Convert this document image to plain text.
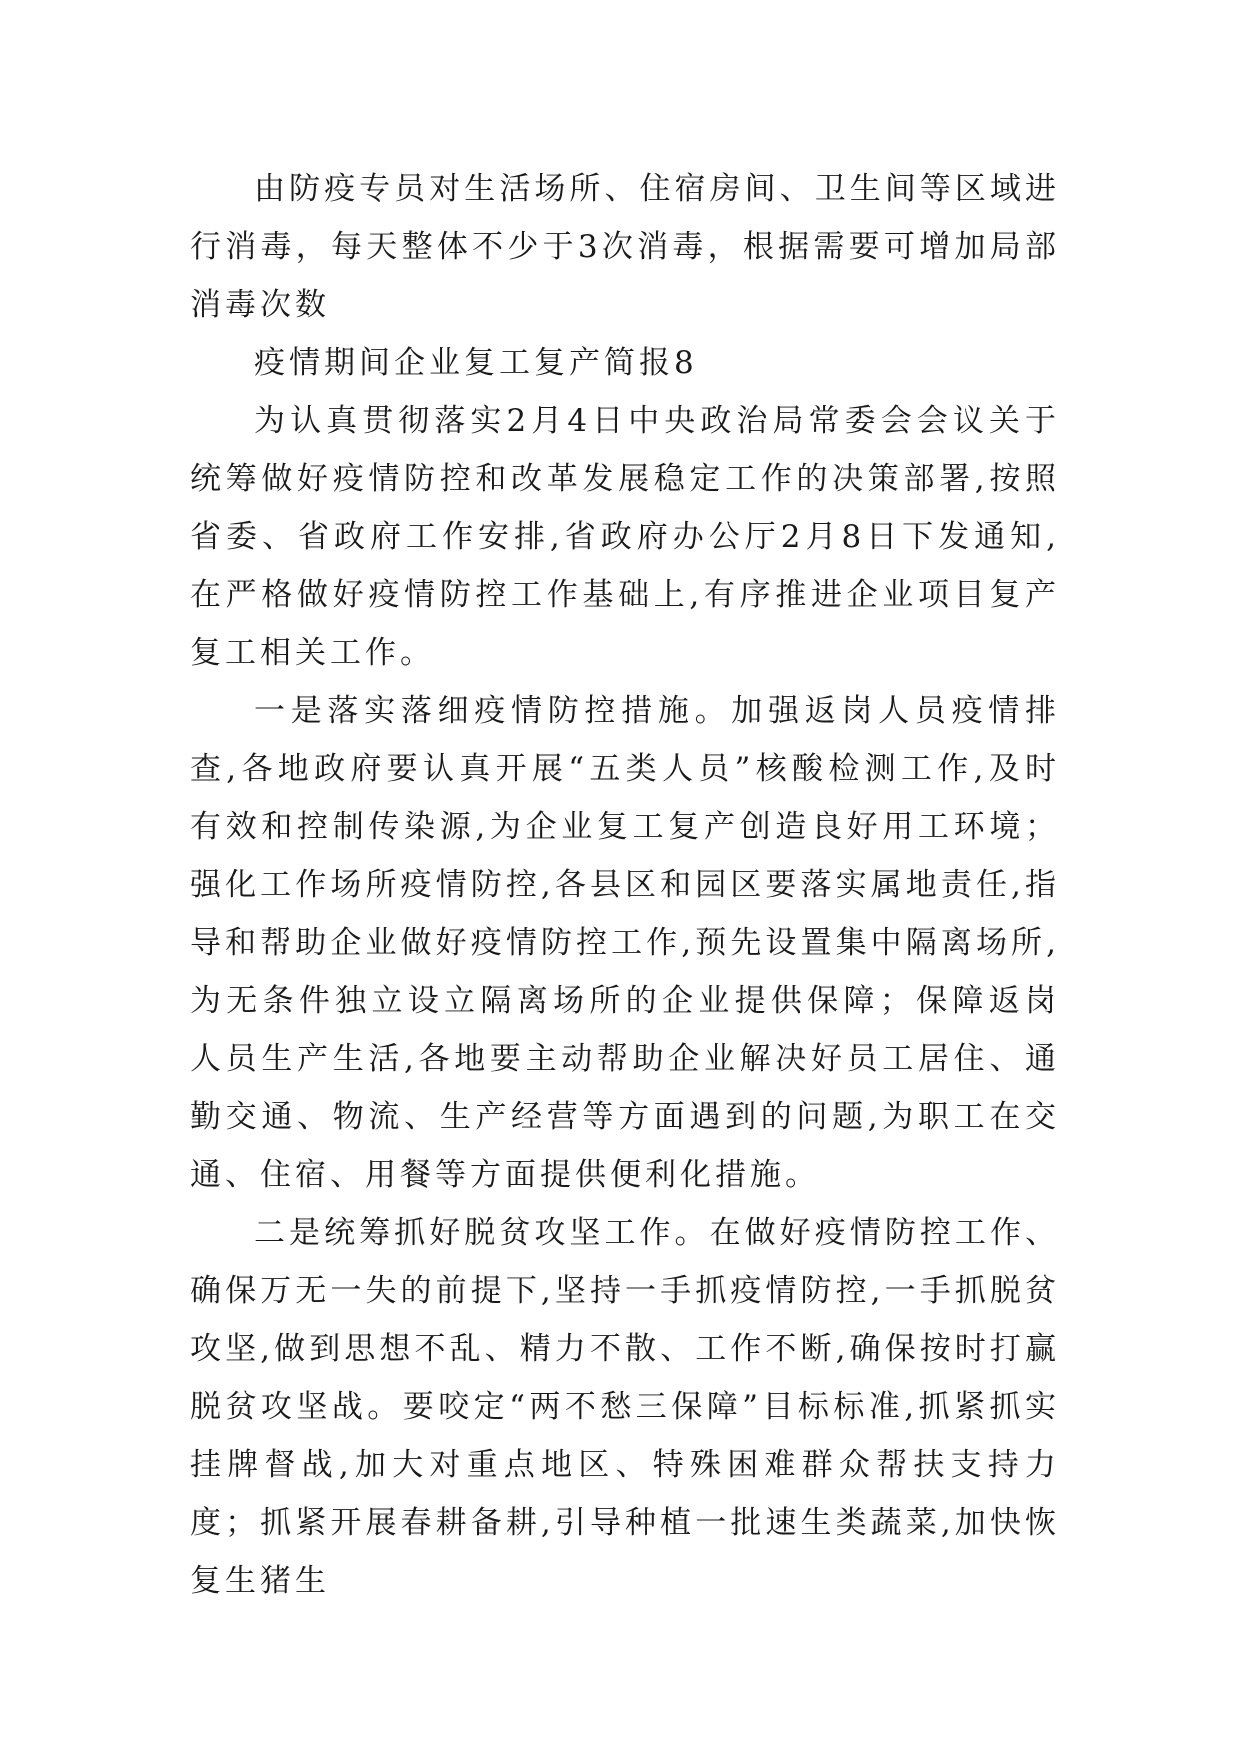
由防疫专员对生活场所、住宿房间、卫生间等区域进行消毒，每天整体不少于3次消毒，根据需要可增加局部消毒次数

疫情期间企业复工复产简报8

为认真贯彻落实2月4日中央政治局常委会会议关于统筹做好疫情防控和改革发展稳定工作的决策部署,按照省委、省政府工作安排,省政府办公厅2月8日下发通知,在严格做好疫情防控工作基础上,有序推进企业项目复产复工相关工作。

一是落实落细疫情防控措施。加强返岗人员疫情排查,各地政府要认真开展“五类人员”核酸检测工作,及时有效和控制传染源,为企业复工复产创造良好用工环境；强化工作场所疫情防控,各县区和园区要落实属地责任,指导和帮助企业做好疫情防控工作,预先设置集中隔离场所,为无条件独立设立隔离场所的企业提供保障；保障返岗人员生产生活,各地要主动帮助企业解决好员工居住、通勤交通、物流、生产经营等方面遇到的问题,为职工在交通、住宿、用餐等方面提供便利化措施。

二是统筹抓好脱贫攻坚工作。在做好疫情防控工作、确保万无一失的前提下,坚持一手抓疫情防控,一手抓脱贫攻坚,做到思想不乱、精力不散、工作不断,确保按时打赢脱贫攻坚战。要咬定“两不愁三保障”目标标准,抓紧抓实挂牌督战,加大对重点地区、特殊困难群众帮扶支持力度；抓紧开展春耕备耕,引导种植一批速生类蔬菜,加快恢复生猪生
